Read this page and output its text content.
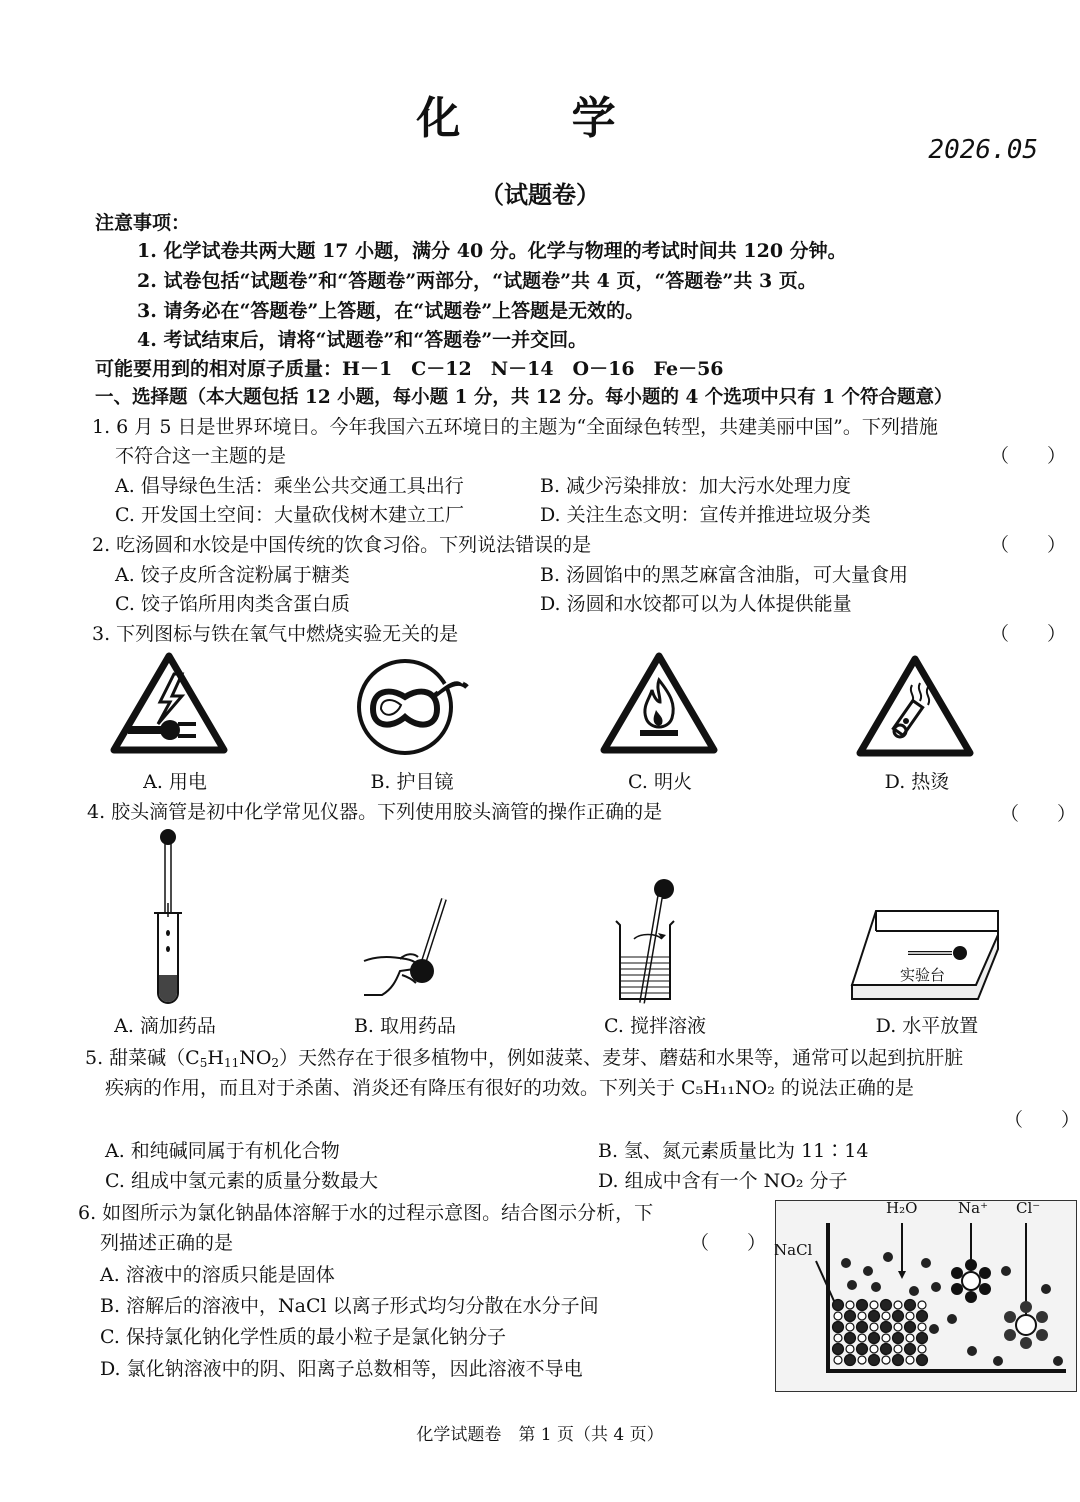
化 学
2026.05
（试题卷）
注意事项：
1. 化学试卷共两大题 17 小题，满分 40 分。化学与物理的考试时间共 120 分钟。
2. 试卷包括“试题卷”和“答题卷”两部分，“试题卷”共 4 页，“答题卷”共 3 页。
3. 请务必在“答题卷”上答题，在“试题卷”上答题是无效的。
4. 考试结束后，请将“试题卷”和“答题卷”一并交回。
可能要用到的相对原子质量：H－1　C－12　N－14　O－16　Fe－56
一、选择题（本大题包括 12 小题，每小题 1 分，共 12 分。每小题的 4 个选项中只有 1 个符合题意）
1. 6 月 5 日是世界环境日。今年我国六五环境日的主题为“全面绿色转型，共建美丽中国”。下列措施
不符合这一主题的是	（　　）
A. 倡导绿色生活：乘坐公共交通工具出行	B. 减少污染排放：加大污水处理力度
C. 开发国土空间：大量砍伐树木建立工厂	D. 关注生态文明：宣传并推进垃圾分类
2. 吃汤圆和水饺是中国传统的饮食习俗。下列说法错误的是	（　　）
A. 饺子皮所含淀粉属于糖类	B. 汤圆馅中的黑芝麻富含油脂，可大量食用
C. 饺子馅所用肉类含蛋白质	D. 汤圆和水饺都可以为人体提供能量
3. 下列图标与铁在氧气中燃烧实验无关的是	（　　）
A. 用电	B. 护目镜	C. 明火	D. 热烫
4. 胶头滴管是初中化学常见仪器。下列使用胶头滴管的操作正确的是	（　　）
实验台
A. 滴加药品	B. 取用药品	C. 搅拌溶液	D. 水平放置
5. 甜菜碱$(C_5H_{11}NO_2)$天然存在于很多植物中，例如菠菜、麦芽、蘑菇和水果等，通常可以起到抗肝脏
疾病的作用，而且对于杀菌、消炎还有降压有很好的功效。下列关于 C₅H₁₁NO₂ 的说法正确的是
（　　）
A. 和纯碱同属于有机化合物	B. 氢、氮元素质量比为 11∶14
C. 组成中氢元素的质量分数最大	D. 组成中含有一个 NO₂ 分子
6. 如图所示为氯化钠晶体溶解于水的过程示意图。结合图示分析，下
列描述正确的是	（　　）
A. 溶液中的溶质只能是固体
B. 溶解后的溶液中，NaCl 以离子形式均匀分散在水分子间
C. 保持氯化钠化学性质的最小粒子是氯化钠分子
D. 氯化钠溶液中的阴、阳离子总数相等，因此溶液不导电
NaCl
H₂O	Na⁺ Cl⁻
化学试题卷　第 1 页（共 4 页）
